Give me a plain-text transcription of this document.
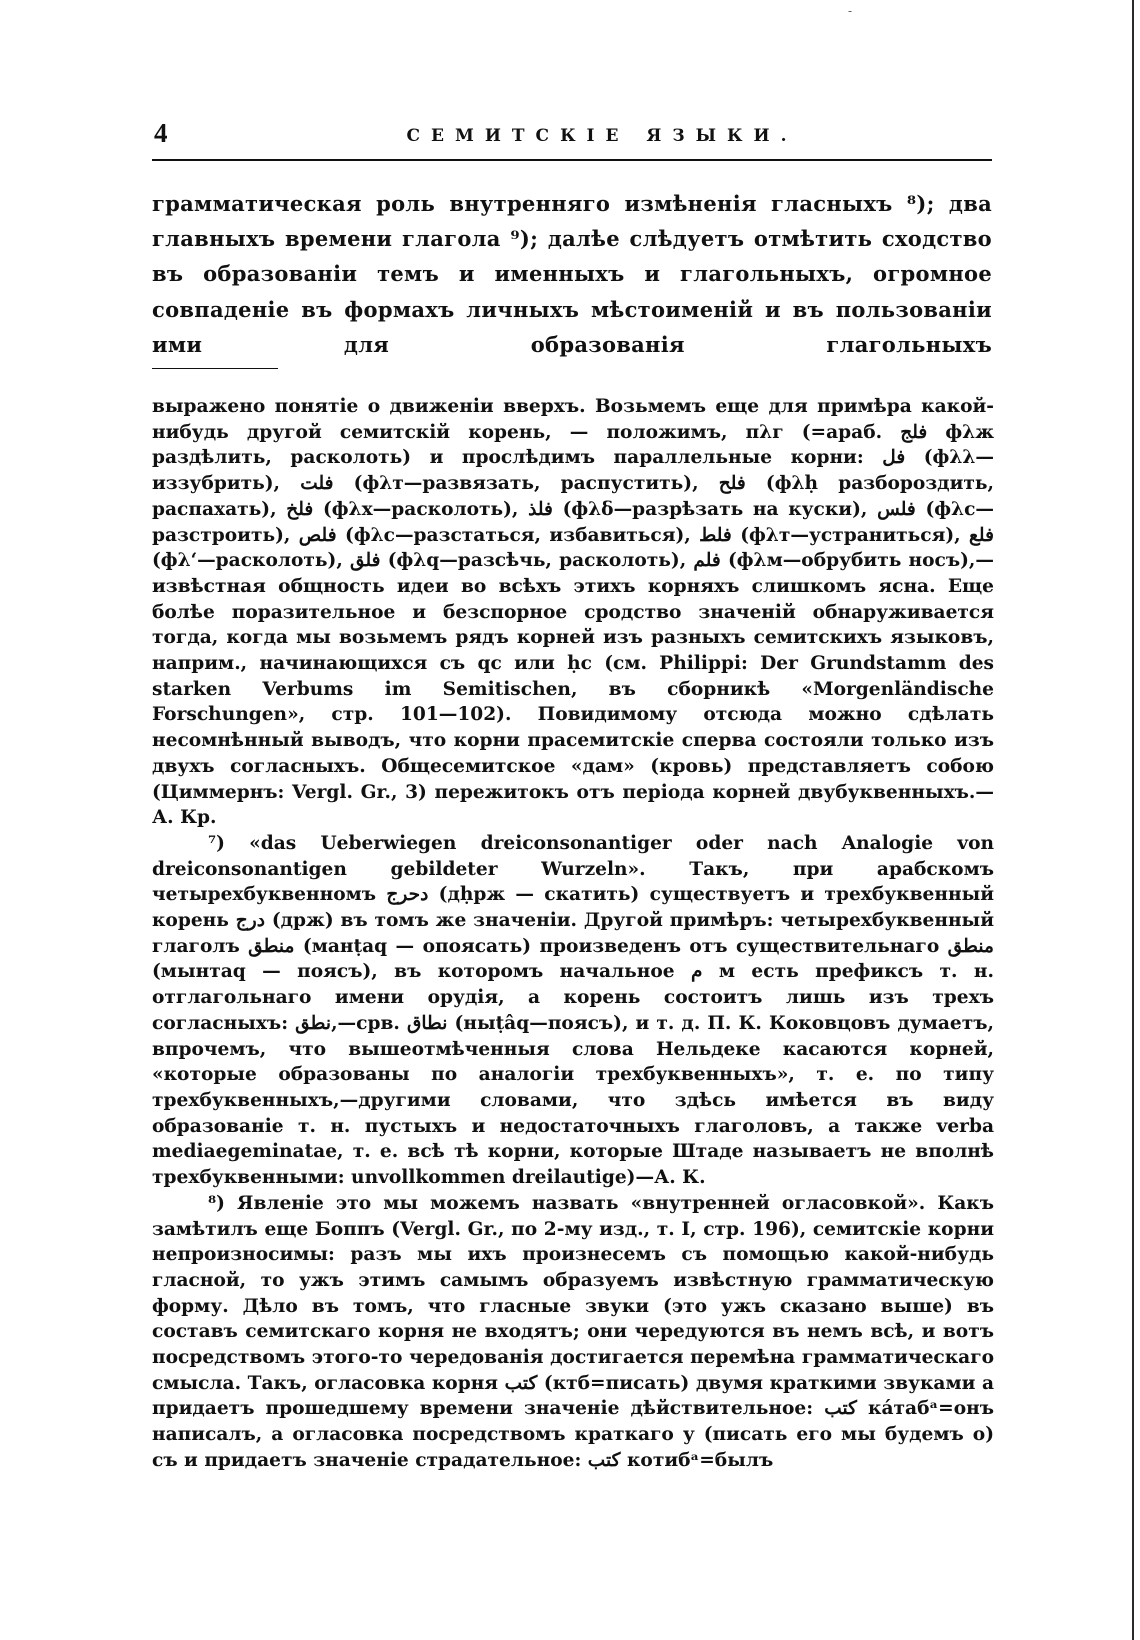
-
4	СЕМИТСКІЕ ЯЗЫКИ.

грамматическая роль внутренняго измѣненія гласныхъ ⁸); два главныхъ времени глагола ⁹); далѣе слѣдуетъ отмѣтить сходство въ образованіи темъ и именныхъ и глагольныхъ, огромное совпаденіе въ формахъ личныхъ мѣстоименій и въ пользованіи ими для образованія глагольныхъ

выражено понятіе о движеніи вверхъ. Возьмемъ еще для примѣра какой-нибудь другой семитскій корень, — положимъ, пλг (=араб. فلج фλж раздѣлить, расколоть) и прослѣдимъ параллельные корни: فل (фλλ—иззубрить), فلت (фλт—развязать, распустить), فلح (фλḥ разбороздить, распахать), فلخ (фλх—расколоть), فلذ (фλδ—разрѣзать на куски), فلس (фλс—разстроить), فلص (фλс—разстаться, избавиться), فلط (фλт—устраниться), فلع (фλ‘—расколоть), فلق (фλq—разсѣчь, расколоть), فلم (фλм—обрубить носъ),—извѣстная общность идеи во всѣхъ этихъ корняхъ слишкомъ ясна. Еще болѣе поразительное и безспорное сродство значеній обнаруживается тогда, когда мы возьмемъ рядъ корней изъ разныхъ семитскихъ языковъ, наприм., начинающихся съ qc или ḥc (см. Philippi: Der Grundstamm des starken Verbums im Semitischen, въ сборникѣ «Morgenländische Forschungen», стр. 101—102). Повидимому отсюда можно сдѣлать несомнѣнный выводъ, что корни прасемитскіе сперва состояли только изъ двухъ согласныхъ. Общесемитское «дам» (кровь) представляетъ собою (Циммернъ: Vergl. Gr., 3) пережитокъ отъ періода корней двубуквенныхъ.—А. Кр.

⁷) «das Ueberwiegen dreiconsonantiger oder nach Analogie von dreiconsonantigen gebildeter Wurzeln». Такъ, при арабскомъ четырехбуквенномъ دحرج (дḥрж — скатить) существуетъ и трехбуквенный корень درج (држ) въ томъ же значеніи. Другой примѣръ: четырехбуквенный глаголъ منطق (манṭаq — опоясать) произведенъ отъ существительнаго منطق (мынтаq — поясъ), въ которомъ начальное م м есть префиксъ т. н. отглагольнаго имени орудія, а корень состоитъ лишь изъ трехъ согласныхъ: نطق,—срв. نطاق (ныṭâq—поясъ), и т. д. П. К. Коковцовъ думаетъ, впрочемъ, что вышеотмѣченныя слова Нельдеке касаются корней, «которые образованы по аналогіи трехбуквенныхъ», т. е. по типу трехбуквенныхъ,—другими словами, что здѣсь имѣется въ виду образованіе т. н. пустыхъ и недостаточныхъ глаголовъ, а также verba mediaegeminatae, т. е. всѣ тѣ корни, которые Штаде называетъ не вполнѣ трехбуквенными: unvollkommen dreilautige)—А. К.

⁸) Явленіе это мы можемъ назвать «внутренней огласовкой». Какъ замѣтилъ еще Боппъ (Vergl. Gr., по 2-му изд., т. I, стр. 196), семитскіе корни непроизносимы: разъ мы ихъ произнесемъ съ помощью какой-нибудь гласной, то ужъ этимъ самымъ образуемъ извѣстную грамматическую форму. Дѣло въ томъ, что гласные звуки (это ужъ сказано выше) въ составъ семитскаго корня не входятъ; они чередуются въ немъ всѣ, и вотъ посредствомъ этого-то чередованія достигается перемѣна грамматическаго смысла. Такъ, огласовка корня كتب (ктб=писать) двумя краткими звуками а придаетъ прошедшему времени значеніе дѣйствительное: كتب кáтабᵃ=онъ написалъ, а огласовка посредствомъ краткаго у (писать его мы будемъ о) съ и придаетъ значеніе страдательное: كتب котибᵃ=былъ
